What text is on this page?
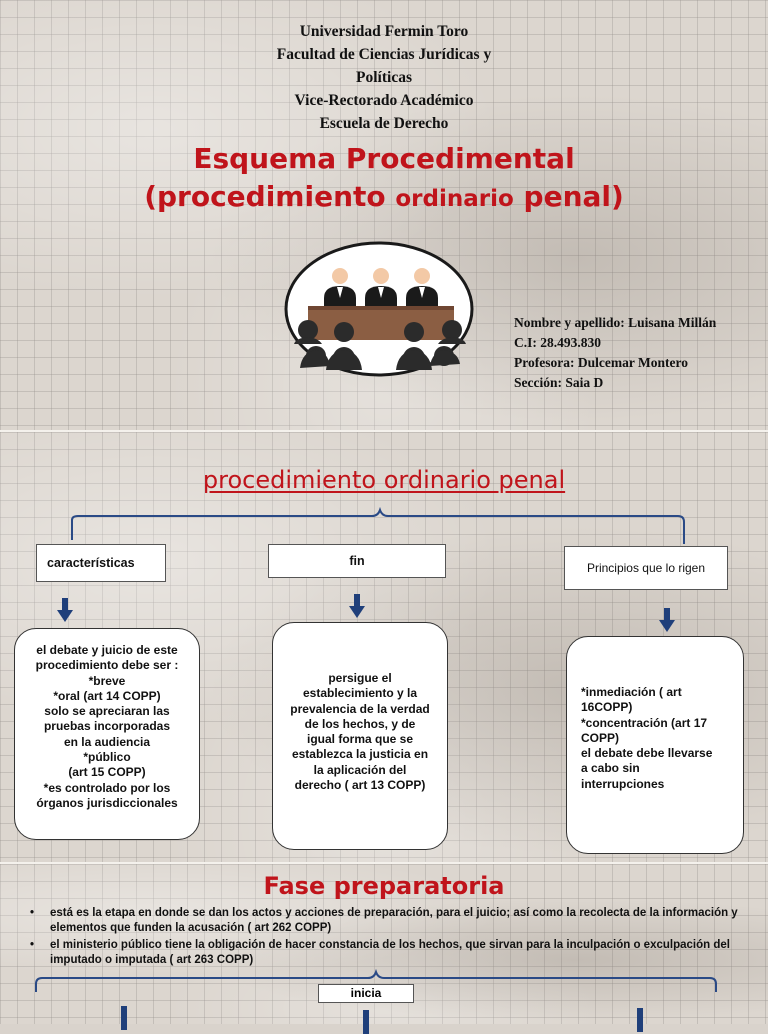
Universidad Fermin Toro
Facultad de Ciencias Jurídicas y
Políticas
Vice-Rectorado Académico
Escuela de Derecho
Esquema Procedimental
(procedimiento ordinario penal)
Nombre y apellido: Luisana Millán
C.I: 28.493.830
Profesora: Dulcemar Montero
Sección: Saia D
procedimiento ordinario penal
características	fin	Principios que lo rigen
el debate y juicio de este
procedimiento debe ser :
*breve
*oral (art 14 COPP)
solo se apreciaran las
pruebas incorporadas
en la audiencia
*público
(art 15 COPP)
*es controlado por los
órganos jurisdiccionales
persigue el
establecimiento y la
prevalencia de la verdad
de los hechos, y de
igual forma que se
establezca la justicia en
la aplicación del
derecho ( art 13 COPP)
*inmediación ( art
16COPP)
*concentración (art 17
COPP)
el debate debe llevarse
a cabo sin
interrupciones
Fase preparatoria
• está es la etapa en donde se dan los actos y acciones de preparación, para el juicio; así como la recolecta de la información y elementos que funden la acusación ( art 262 COPP)
• el ministerio público tiene la obligación de hacer constancia de los hechos, que sirvan para la inculpación o exculpación del imputado o imputada ( art 263 COPP)
inicia
